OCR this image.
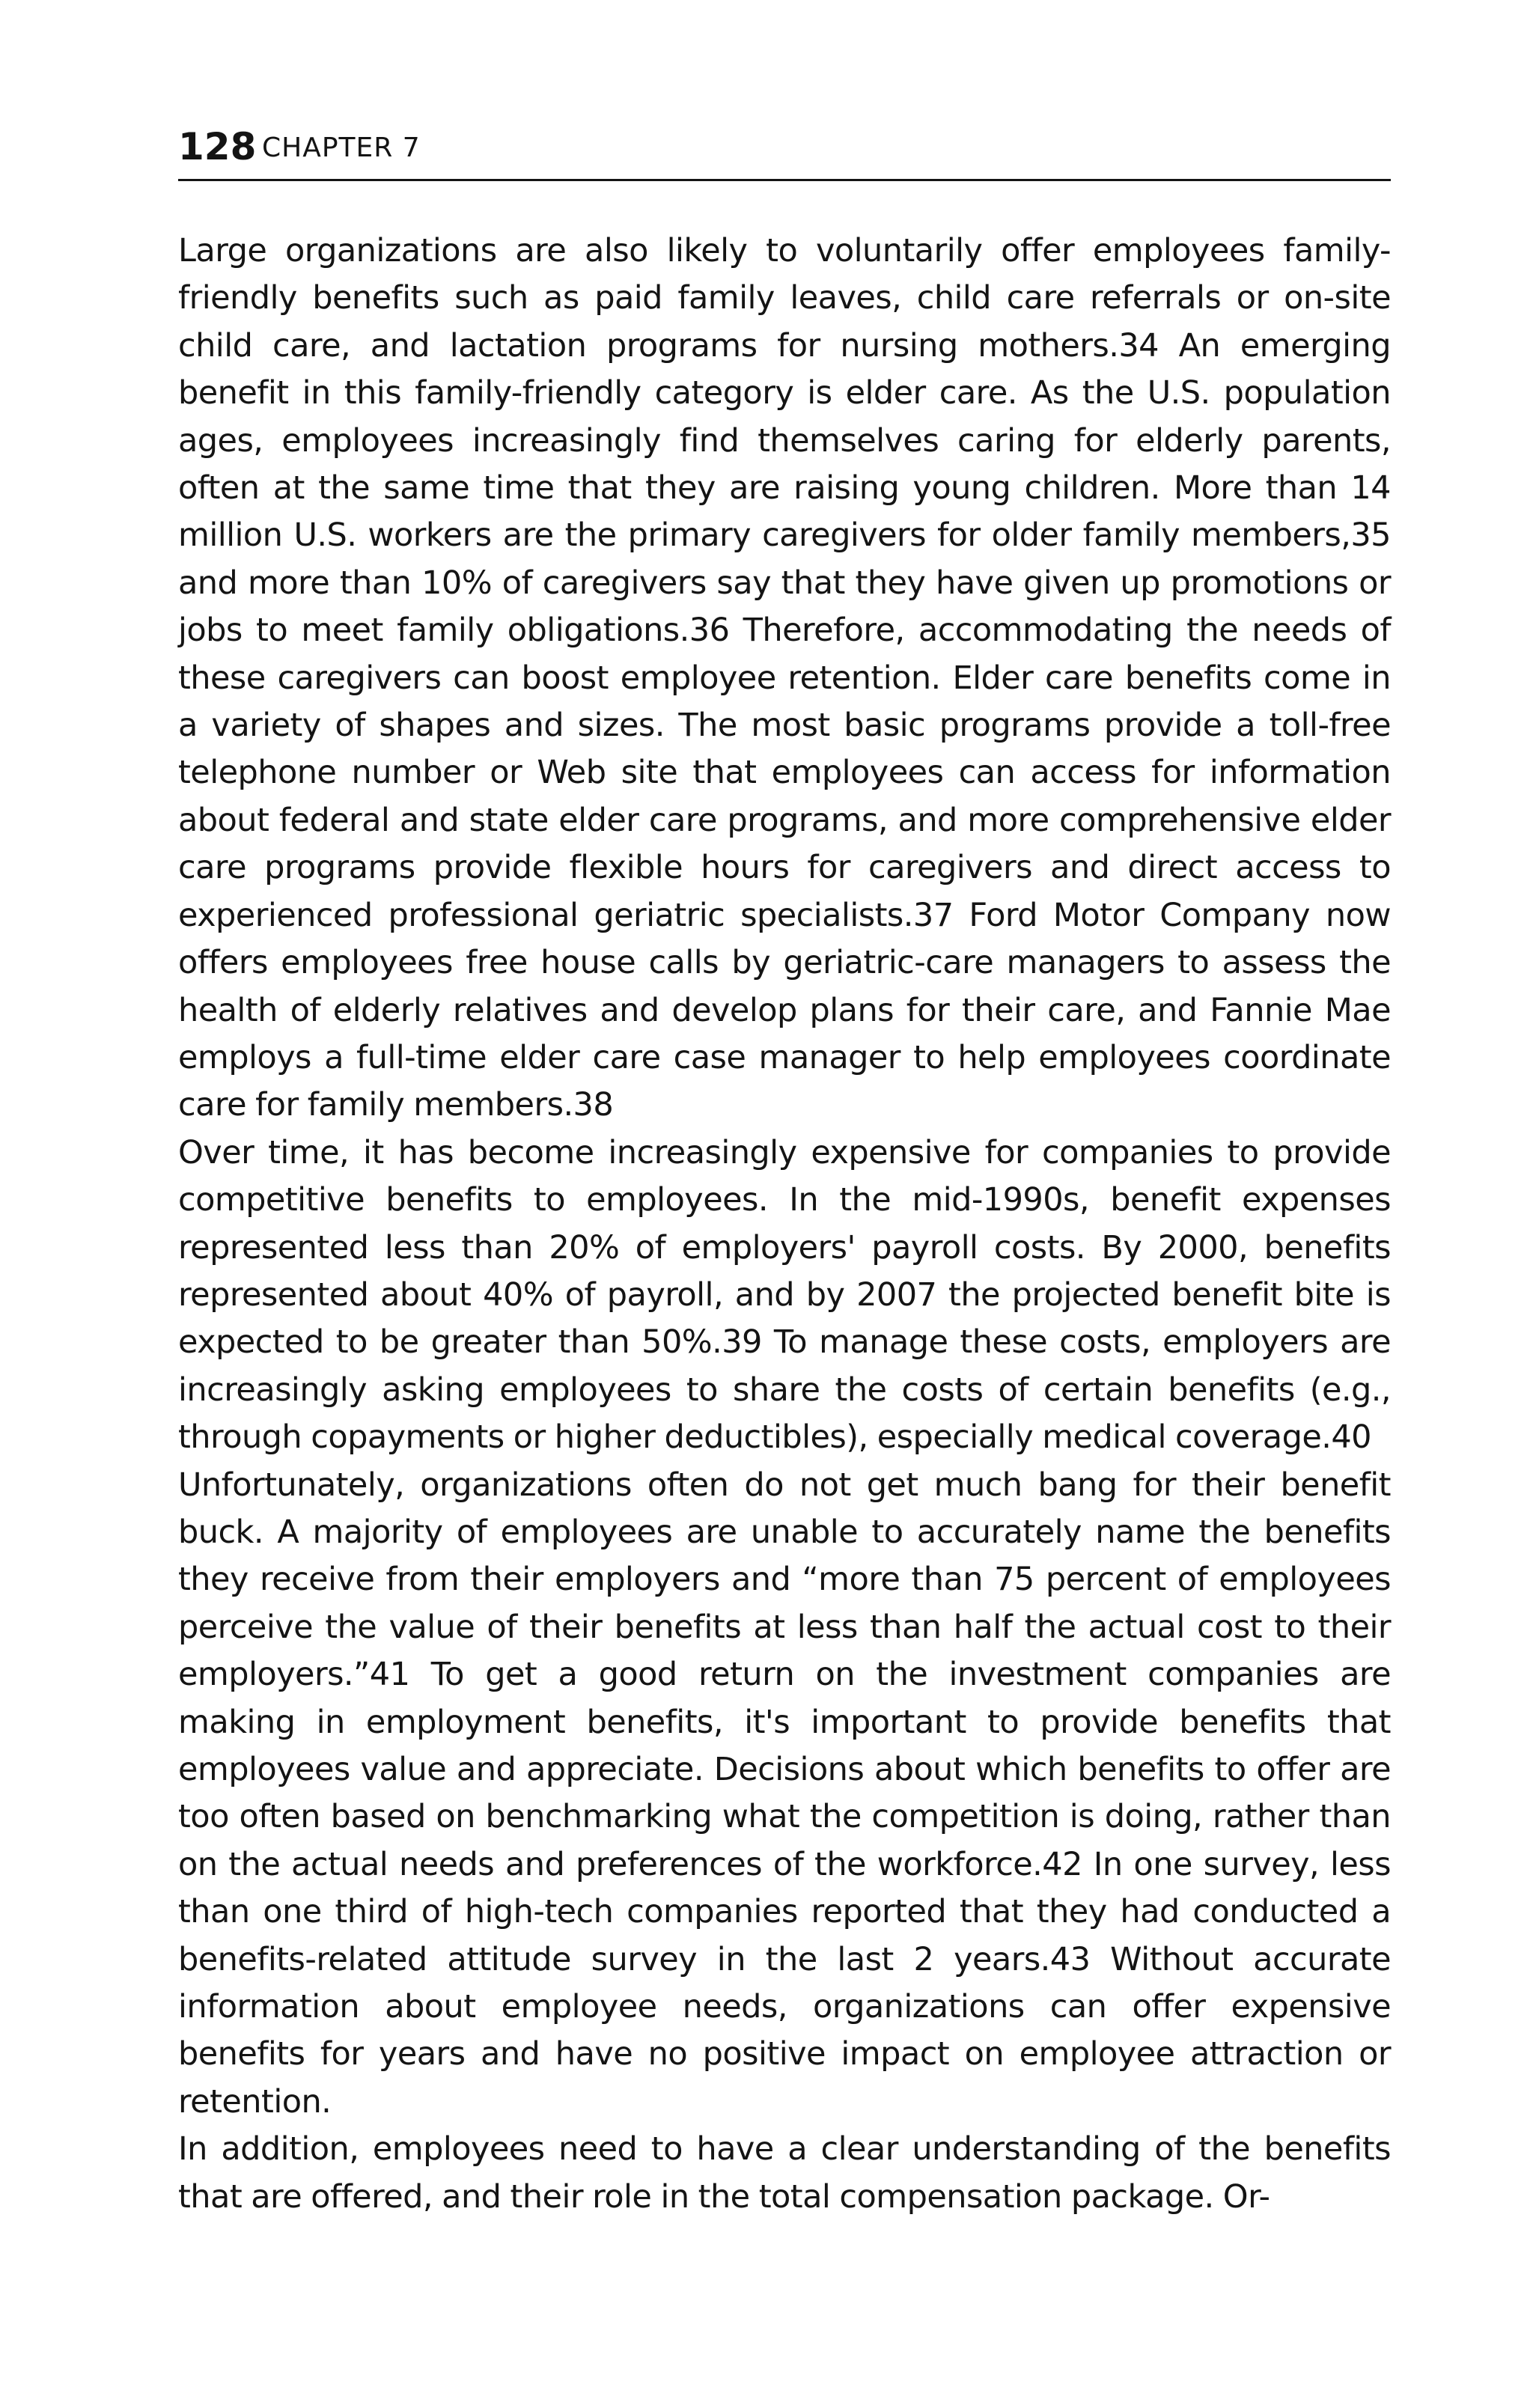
128 CHAPTER 7

Large organizations are also likely to voluntarily offer employees family-friendly benefits such as paid family leaves, child care referrals or on-site child care, and lactation programs for nursing mothers.34 An emerging benefit in this family-friendly category is elder care. As the U.S. population ages, employees increasingly find themselves caring for elderly parents, often at the same time that they are raising young children. More than 14 million U.S. workers are the primary caregivers for older family members,35 and more than 10% of caregivers say that they have given up promotions or jobs to meet family obligations.36 Therefore, accommodating the needs of these caregivers can boost employee retention. Elder care benefits come in a variety of shapes and sizes. The most basic programs provide a toll-free telephone number or Web site that employees can access for information about federal and state elder care programs, and more comprehensive elder care programs provide flexible hours for caregivers and direct access to experienced professional geriatric specialists.37 Ford Motor Company now offers employees free house calls by geriatric-care managers to assess the health of elderly relatives and develop plans for their care, and Fannie Mae employs a full-time elder care case manager to help employees coordinate care for family members.38

Over time, it has become increasingly expensive for companies to provide competitive benefits to employees. In the mid-1990s, benefit expenses represented less than 20% of employers' payroll costs. By 2000, benefits represented about 40% of payroll, and by 2007 the projected benefit bite is expected to be greater than 50%.39 To manage these costs, employers are increasingly asking employees to share the costs of certain benefits (e.g., through copayments or higher deductibles), especially medical coverage.40

Unfortunately, organizations often do not get much bang for their benefit buck. A majority of employees are unable to accurately name the benefits they receive from their employers and “more than 75 percent of employees perceive the value of their benefits at less than half the actual cost to their employers.”41 To get a good return on the investment companies are making in employment benefits, it's important to provide benefits that employees value and appreciate. Decisions about which benefits to offer are too often based on benchmarking what the competition is doing, rather than on the actual needs and preferences of the workforce.42 In one survey, less than one third of high-tech companies reported that they had conducted a benefits-related attitude survey in the last 2 years.43 Without accurate information about employee needs, organizations can offer expensive benefits for years and have no positive impact on employee attraction or retention.

In addition, employees need to have a clear understanding of the benefits that are offered, and their role in the total compensation package. Or-
